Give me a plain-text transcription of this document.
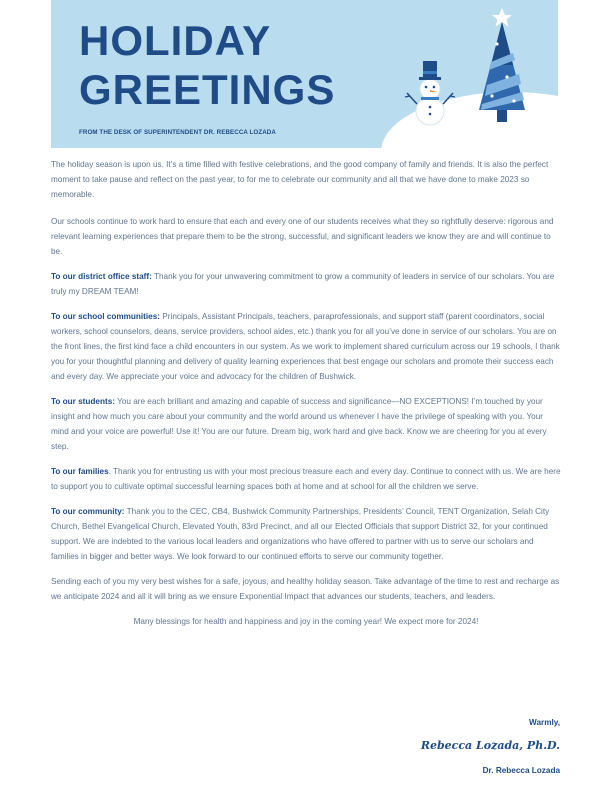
HOLIDAY
GREETINGS
FROM THE DESK OF SUPERINTENDENT DR. REBECCA LOZADA

The holiday season is upon us. It’s a time filled with festive celebrations, and the good company of family and friends. It is also the perfect moment to take pause and reflect on the past year, to for me to celebrate our community and all that we have done to make 2023 so memorable.

Our schools continue to work hard to ensure that each and every one of our students receives what they so rightfully deserve: rigorous and relevant learning experiences that prepare them to be the strong, successful, and significant leaders we know they are and will continue to be.

To our district office staff: Thank you for your unwavering commitment to grow a community of leaders in service of our scholars. You are truly my DREAM TEAM!

To our school communities: Principals, Assistant Principals, teachers, paraprofessionals, and support staff (parent coordinators, social workers, school counselors, deans, service providers, school aides, etc.) thank you for all you’ve done in service of our scholars. You are on the front lines, the first kind face a child encounters in our system. As we work to implement shared curriculum across our 19 schools, I thank you for your thoughtful planning and delivery of quality learning experiences that best engage our scholars and promote their success each and every day. We appreciate your voice and advocacy for the children of Bushwick.

To our students: You are each brilliant and amazing and capable of success and significance—NO EXCEPTIONS! I’m touched by your insight and how much you care about your community and the world around us whenever I have the privilege of speaking with you. Your mind and your voice are powerful! Use it! You are our future. Dream big, work hard and give back. Know we are cheering for you at every step.

To our families. Thank you for entrusting us with your most precious treasure each and every day. Continue to connect with us. We are here to support you to cultivate optimal successful learning spaces both at home and at school for all the children we serve.

To our community: Thank you to the CEC, CB4, Bushwick Community Partnerships, Presidents’ Council, TENT Organization, Selah City Church, Bethel Evangelical Church, Elevated Youth, 83rd Precinct, and all our Elected Officials that support District 32, for your continued support. We are indebted to the various local leaders and organizations who have offered to partner with us to serve our scholars and families in bigger and better ways. We look forward to our continued efforts to serve our community together.

Sending each of you my very best wishes for a safe, joyous, and healthy holiday season. Take advantage of the time to rest and recharge as we anticipate 2024 and all it will bring as we ensure Exponential Impact that advances our students, teachers, and leaders.

Many blessings for health and happiness and joy in the coming year! We expect more for 2024!

Warmly,
Rebecca Lozada, Ph.D.
Dr. Rebecca Lozada
